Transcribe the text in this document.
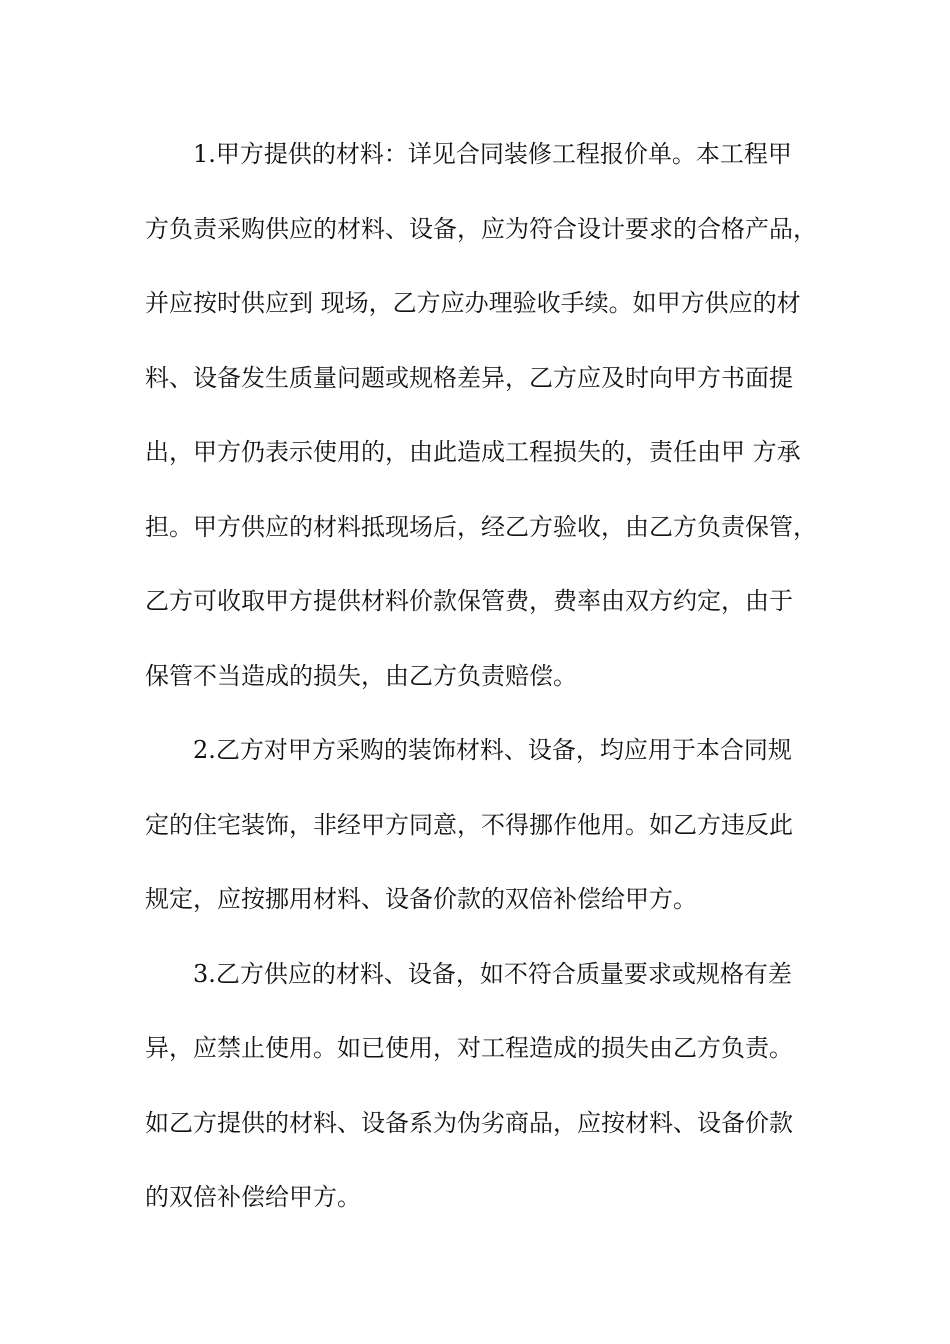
1.甲方提供的材料：详见合同装修工程报价单。本工程甲
方负责采购供应的材料、设备，应为符合设计要求的合格产品，
并应按时供应到 现场，乙方应办理验收手续。如甲方供应的材
料、设备发生质量问题或规格差异，乙方应及时向甲方书面提
出，甲方仍表示使用的，由此造成工程损失的，责任由甲 方承
担。甲方供应的材料抵现场后，经乙方验收，由乙方负责保管，
乙方可收取甲方提供材料价款保管费，费率由双方约定，由于
保管不当造成的损失，由乙方负责赔偿。
2.乙方对甲方采购的装饰材料、设备，均应用于本合同规
定的住宅装饰，非经甲方同意，不得挪作他用。如乙方违反此
规定，应按挪用材料、设备价款的双倍补偿给甲方。
3.乙方供应的材料、设备，如不符合质量要求或规格有差
异，应禁止使用。如已使用，对工程造成的损失由乙方负责。
如乙方提供的材料、设备系为伪劣商品，应按材料、设备价款
的双倍补偿给甲方。
